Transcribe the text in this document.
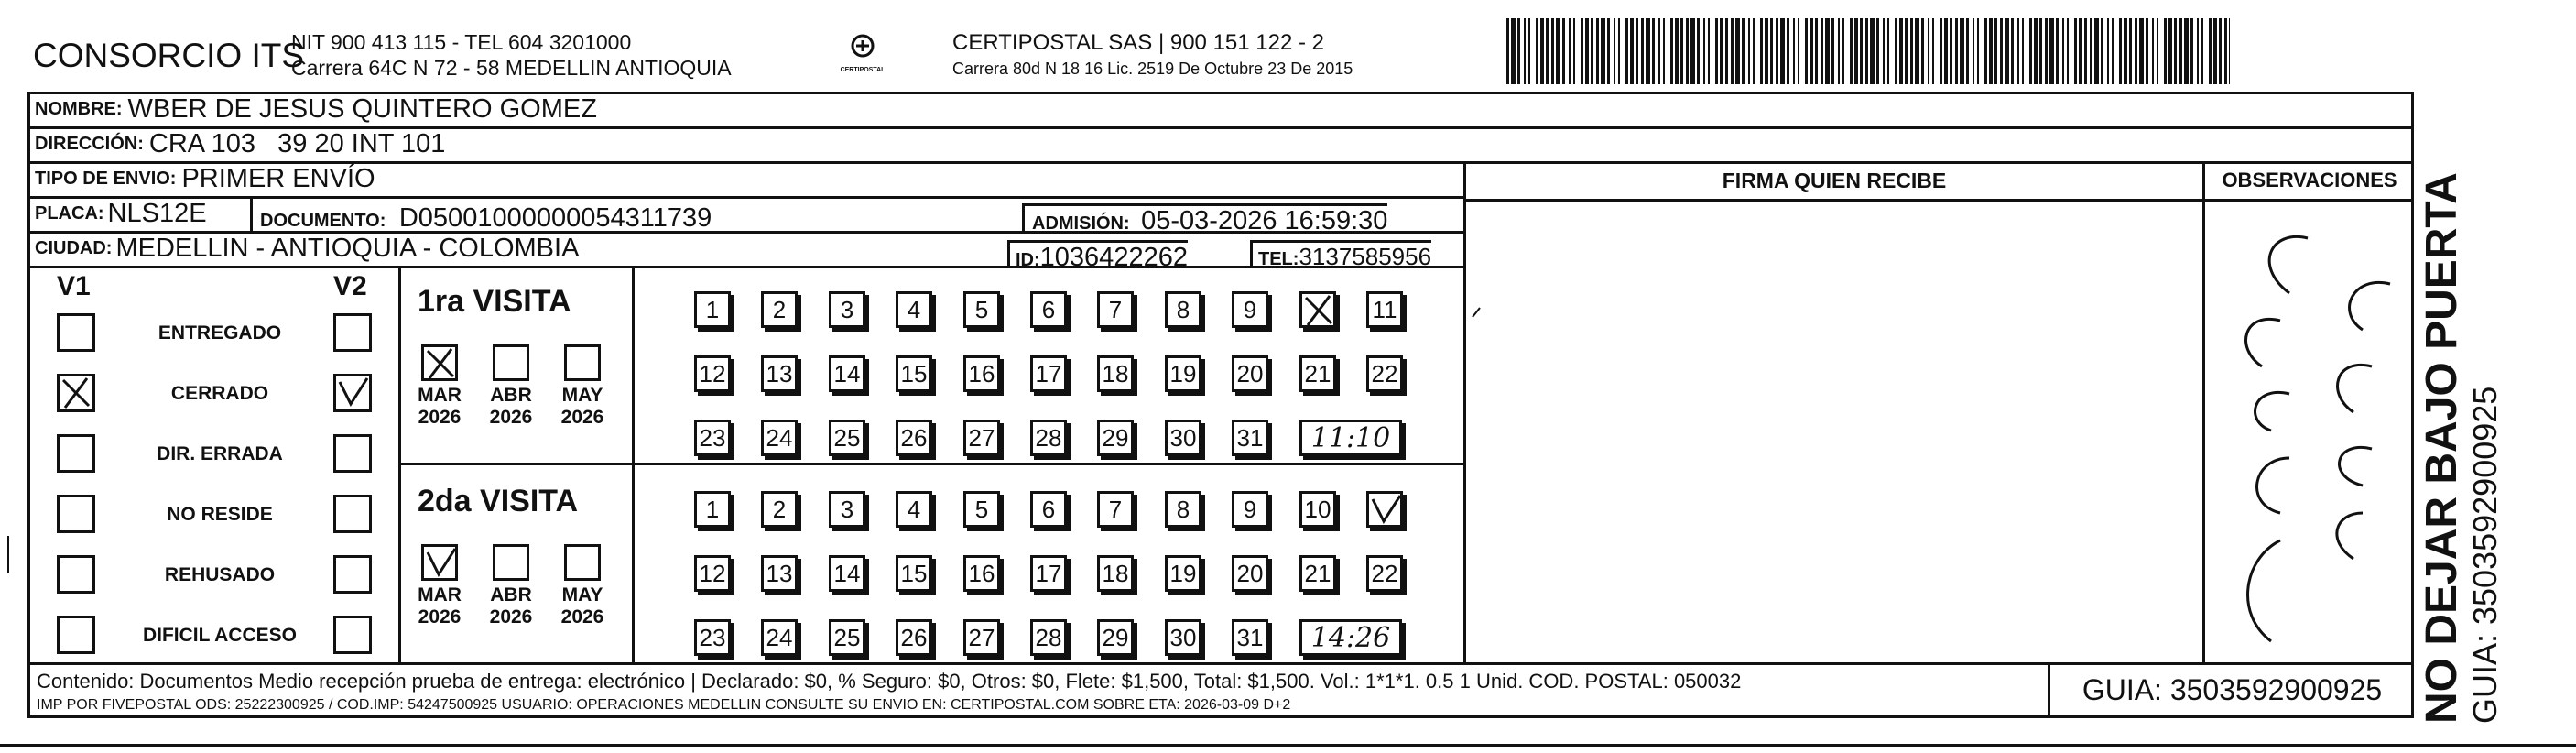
CONSORCIO ITS
NIT 900 413 115 - TEL 604 3201000
Carrera 64C N 72 - 58 MEDELLIN ANTIOQUIA	CERTIPOSTAL
CERTIPOSTAL SAS | 900 151 122 - 2
Carrera 80d N 18 16 Lic. 2519 De Octubre 23 De 2015
NOMBRE: WBER DE JESUS QUINTERO GOMEZ
DIRECCIÓN: CRA 103   39 20 INT 101
TIPO DE ENVIO: PRIMER ENVÍO
PLACA: NLS12E	DOCUMENTO: D05001000000054311739	ADMISIÓN: 05-03-2026 16:59:30
CIUDAD: MEDELLIN - ANTIOQUIA - COLOMBIA	ID:1036422262	TEL:3137585956
FIRMA QUIEN RECIBE	OBSERVACIONES
V1	V2
ENTREGADO
CERRADO
DIR. ERRADA
NO RESIDE
REHUSADO
DIFICIL ACCESO
1ra VISITA
MAR
2026
ABR
2026
MAY
2026
1	2	3	4	5	6	7	8	9	10 11
12 13 14 15 16 17 18 19 20 21 22
23 24 25 26 27 28 29 30 31	11:10
2da VISITA
MAR
2026
ABR
2026
MAY
2026
1	2	3	4	5	6	7	8	9	10 11
12 13 14 15 16 17 18 19 20 21 22
23 24 25 26 27 28 29 30 31	14:26
Contenido: Documentos Medio recepción prueba de entrega: electrónico | Declarado: $0, % Seguro: $0, Otros: $0, Flete: $1,500, Total: $1,500. Vol.: 1*1*1. 0.5 1 Unid. COD. POSTAL: 050032
IMP POR FIVEPOSTAL ODS: 25222300925 / COD.IMP: 54247500925 USUARIO: OPERACIONES MEDELLIN CONSULTE SU ENVIO EN: CERTIPOSTAL.COM SOBRE ETA: 2026-03-09 D+2	GUIA: 3503592900925 NO DEJAR BAJO PUERTA GUIA: 3503592900925
